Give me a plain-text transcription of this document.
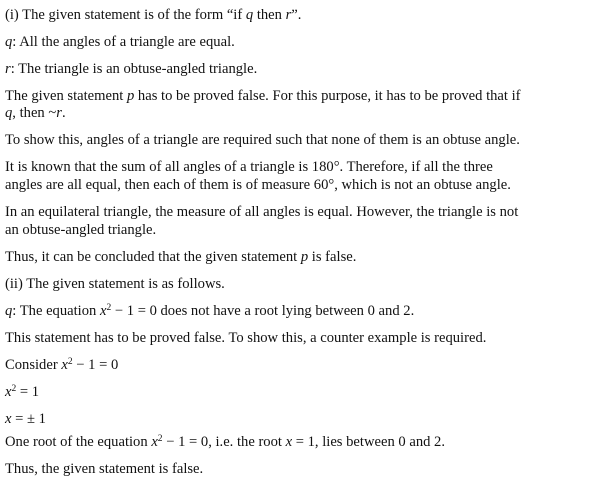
(i) The given statement is of the form “if q then r”.
q: All the angles of a triangle are equal.
r: The triangle is an obtuse-angled triangle.
The given statement p has to be proved false. For this purpose, it has to be proved that if
q, then ~r.
To show this, angles of a triangle are required such that none of them is an obtuse angle.
It is known that the sum of all angles of a triangle is 180°. Therefore, if all the three
angles are all equal, then each of them is of measure 60°, which is not an obtuse angle.
In an equilateral triangle, the measure of all angles is equal. However, the triangle is not
an obtuse-angled triangle.
Thus, it can be concluded that the given statement p is false.
(ii) The given statement is as follows.
q: The equation $x^2 - 1 = 0$ does not have a root lying between 0 and 2.
This statement has to be proved false. To show this, a counter example is required.
Consider $x^2 - 1 = 0$
$x^2 = 1$
x = ± 1
One root of the equation $x^2 - 1 = 0$, i.e. the root x = 1, lies between 0 and 2.
Thus, the given statement is false.
